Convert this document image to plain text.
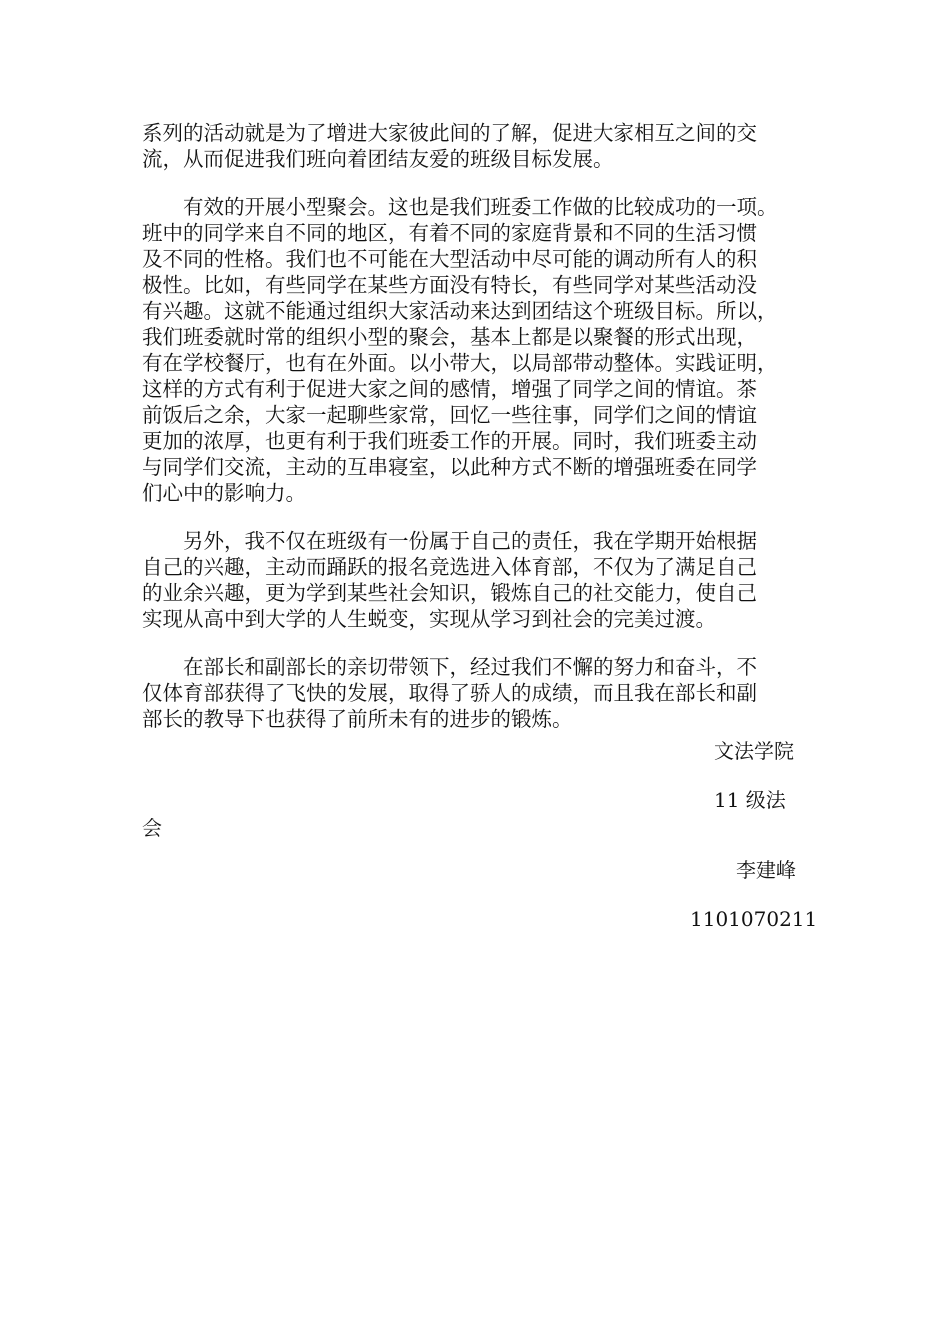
系列的活动就是为了增进大家彼此间的了解，促进大家相互之间的交
流，从而促进我们班向着团结友爱的班级目标发展。

　　有效的开展小型聚会。这也是我们班委工作做的比较成功的一项。
班中的同学来自不同的地区，有着不同的家庭背景和不同的生活习惯
及不同的性格。我们也不可能在大型活动中尽可能的调动所有人的积
极性。比如，有些同学在某些方面没有特长，有些同学对某些活动没
有兴趣。这就不能通过组织大家活动来达到团结这个班级目标。所以，
我们班委就时常的组织小型的聚会，基本上都是以聚餐的形式出现，
有在学校餐厅，也有在外面。以小带大，以局部带动整体。实践证明，
这样的方式有利于促进大家之间的感情，增强了同学之间的情谊。茶
前饭后之余，大家一起聊些家常，回忆一些往事，同学们之间的情谊
更加的浓厚，也更有利于我们班委工作的开展。同时，我们班委主动
与同学们交流，主动的互串寝室，以此种方式不断的增强班委在同学
们心中的影响力。

　　另外，我不仅在班级有一份属于自己的责任，我在学期开始根据
自己的兴趣，主动而踊跃的报名竞选进入体育部，不仅为了满足自己
的业余兴趣，更为学到某些社会知识，锻炼自己的社交能力，使自己
实现从高中到大学的人生蜕变，实现从学习到社会的完美过渡。

　　在部长和副部长的亲切带领下，经过我们不懈的努力和奋斗，不
仅体育部获得了飞快的发展，取得了骄人的成绩，而且我在部长和副
部长的教导下也获得了前所未有的进步的锻炼。

文法学院
11 级法
会
李建峰
1101070211
